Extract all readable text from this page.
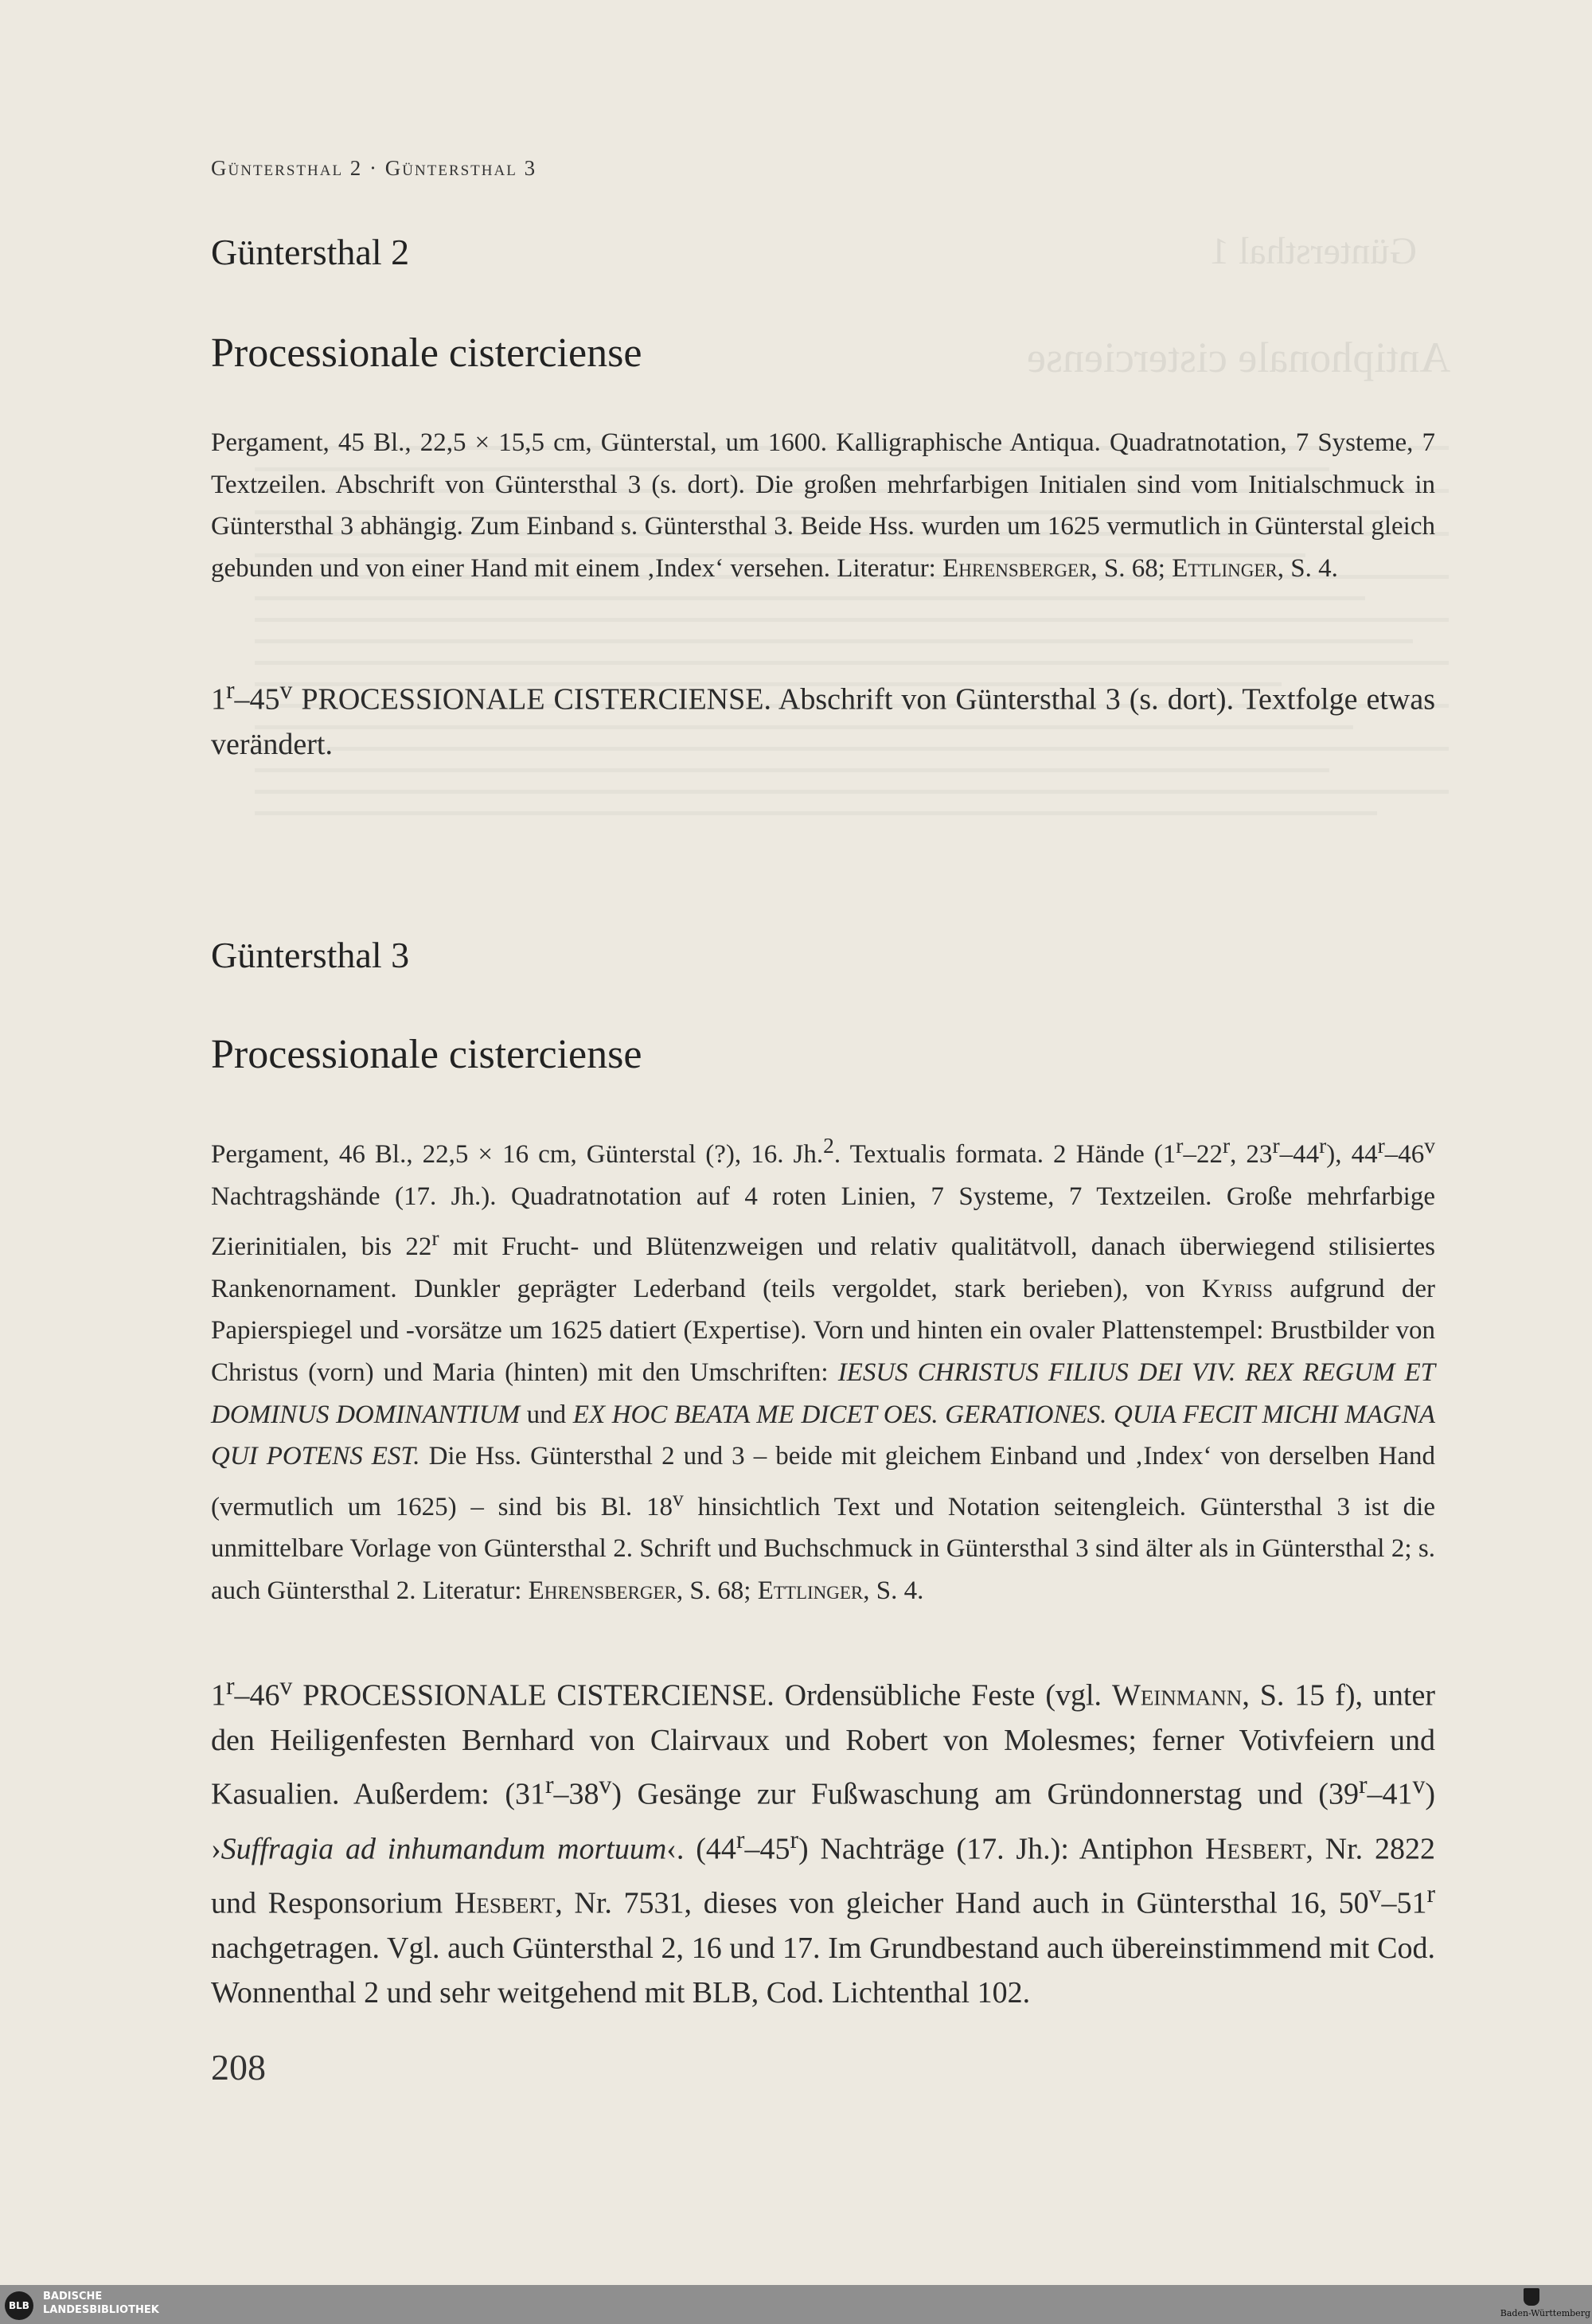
Güntersthal 1
Antiphonale cisterciense
Güntersthal 2 · Güntersthal 3
Güntersthal 2
Processionale cisterciense
Pergament, 45 Bl., 22,5 × 15,5 cm, Günterstal, um 1600. Kalligraphische Antiqua. Quadratnotation, 7 Systeme, 7 Textzeilen. Abschrift von Güntersthal 3 (s. dort). Die großen mehrfarbigen Initialen sind vom Initialschmuck in Güntersthal 3 abhängig. Zum Einband s. Güntersthal 3. Beide Hss. wurden um 1625 vermutlich in Günterstal gleich gebunden und von einer Hand mit einem ‚Index‘ versehen. Literatur: Ehrensberger, S. 68; Ettlinger, S. 4.
1$^r$–45$^v$ PROCESSIONALE CISTERCIENSE. Abschrift von Güntersthal 3 (s. dort). Textfolge etwas verändert.
Güntersthal 3
Processionale cisterciense
Pergament, 46 Bl., 22,5 × 16 cm, Günterstal (?), 16. Jh.$^2$. Textualis formata. 2 Hände (1$^r$–22$^r$, 23$^r$–44$^r$), 44$^r$–46$^v$ Nachtragshände (17. Jh.). Quadratnotation auf 4 roten Linien, 7 Systeme, 7 Textzeilen. Große mehrfarbige Zierinitialen, bis 22$^r$ mit Frucht- und Blütenzweigen und relativ qualitätvoll, danach überwiegend stilisiertes Rankenornament. Dunkler geprägter Lederband (teils vergoldet, stark berieben), von Kyriss aufgrund der Papierspiegel und -vorsätze um 1625 datiert (Expertise). Vorn und hinten ein ovaler Plattenstempel: Brustbilder von Christus (vorn) und Maria (hinten) mit den Umschriften: IESUS CHRISTUS FILIUS DEI VIV. REX REGUM ET DOMINUS DOMINANTIUM und EX HOC BEATA ME DICET OES. GERATIONES. QUIA FECIT MICHI MAGNA QUI POTENS EST. Die Hss. Güntersthal 2 und 3 – beide mit gleichem Einband und ‚Index‘ von derselben Hand (vermutlich um 1625) – sind bis Bl. 18$^v$ hinsichtlich Text und Notation seitengleich. Güntersthal 3 ist die unmittelbare Vorlage von Güntersthal 2. Schrift und Buchschmuck in Güntersthal 3 sind älter als in Güntersthal 2; s. auch Güntersthal 2. Literatur: Ehrensberger, S. 68; Ettlinger, S. 4.
1$^r$–46$^v$ PROCESSIONALE CISTERCIENSE. Ordensübliche Feste (vgl. Weinmann, S. 15 f), unter den Heiligenfesten Bernhard von Clairvaux und Robert von Molesmes; ferner Votivfeiern und Kasualien. Außerdem: (31$^r$–38$^v$) Gesänge zur Fußwaschung am Gründonnerstag und (39$^r$–41$^v$) ›Suffragia ad inhumandum mortuum‹. (44$^r$–45$^r$) Nachträge (17. Jh.): Antiphon Hesbert, Nr. 2822 und Responsorium Hesbert, Nr. 7531, dieses von gleicher Hand auch in Güntersthal 16, 50$^v$–51$^r$ nachgetragen. Vgl. auch Güntersthal 2, 16 und 17. Im Grundbestand auch übereinstimmend mit Cod. Wonnenthal 2 und sehr weitgehend mit BLB, Cod. Lichtenthal 102.
208
BLB
BADISCHE
LANDESBIBLIOTHEK	Baden-Württemberg
